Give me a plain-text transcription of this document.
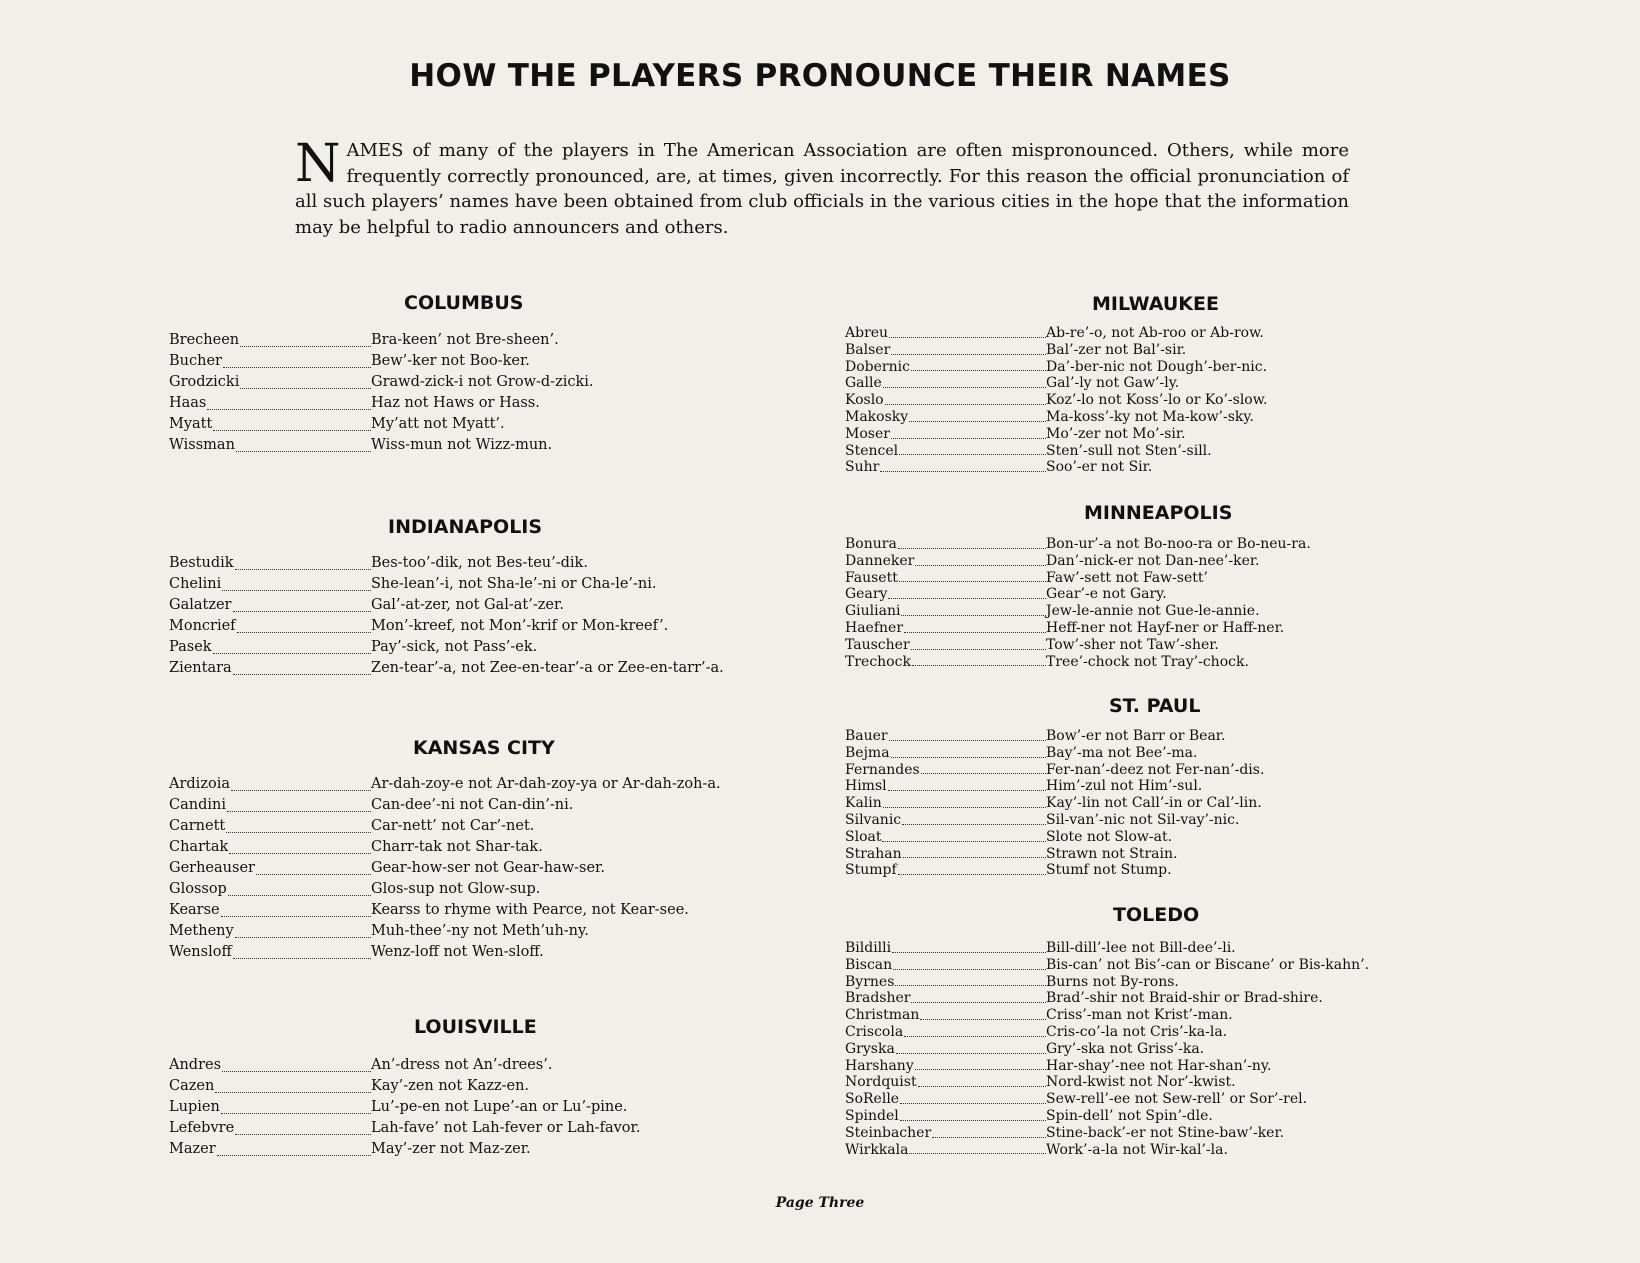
HOW THE PLAYERS PRONOUNCE THEIR NAMES
NAMES of many of the players in The American Association are often mispronounced. Others, while more frequently correctly pronounced, are, at times, given incorrectly. For this reason the official pronunciation of all such players’ names have been obtained from club officials in the various cities in the hope that the information may be helpful to radio announcers and others.
COLUMBUS
Brecheen	Bra-keen’ not Bre-sheen’.
Bucher	Bew’-ker not Boo-ker.
Grodzicki	Grawd-zick-i not Grow-d-zicki.
Haas	Haz not Haws or Hass.
Myatt	My’att not Myatt’.
Wissman	Wiss-mun not Wizz-mun.
INDIANAPOLIS
Bestudik	Bes-too’-dik, not Bes-teu’-dik.
Chelini	She-lean’-i, not Sha-le’-ni or Cha-le’-ni.
Galatzer	Gal’-at-zer, not Gal-at’-zer.
Moncrief	Mon’-kreef, not Mon’-krif or Mon-kreef’.
Pasek	Pay’-sick, not Pass’-ek.
Zientara	Zen-tear’-a, not Zee-en-tear’-a or Zee-en-tarr’-a.
KANSAS CITY
Ardizoia	Ar-dah-zoy-e not Ar-dah-zoy-ya or Ar-dah-zoh-a.
Candini	Can-dee’-ni not Can-din’-ni.
Carnett	Car-nett’ not Car’-net.
Chartak	Charr-tak not Shar-tak.
Gerheauser	Gear-how-ser not Gear-haw-ser.
Glossop	Glos-sup not Glow-sup.
Kearse	Kearss to rhyme with Pearce, not Kear-see.
Metheny	Muh-thee’-ny not Meth’uh-ny.
Wensloff	Wenz-loff not Wen-sloff.
LOUISVILLE
Andres	An’-dress not An’-drees’.
Cazen	Kay’-zen not Kazz-en.
Lupien	Lu’-pe-en not Lupe’-an or Lu’-pine.
Lefebvre	Lah-fave’ not Lah-fever or Lah-favor.
Mazer	May’-zer not Maz-zer.
MILWAUKEE
Abreu	Ab-re’-o, not Ab-roo or Ab-row.
Balser	Bal’-zer not Bal’-sir.
Dobernic	Da’-ber-nic not Dough’-ber-nic.
Galle	Gal’-ly not Gaw’-ly.
Koslo	Koz’-lo not Koss’-lo or Ko’-slow.
Makosky	Ma-koss’-ky not Ma-kow’-sky.
Moser	Mo’-zer not Mo’-sir.
Stencel	Sten’-sull not Sten’-sill.
Suhr	Soo’-er not Sir.
MINNEAPOLIS
Bonura	Bon-ur’-a not Bo-noo-ra or Bo-neu-ra.
Danneker	Dan’-nick-er not Dan-nee’-ker.
Fausett	Faw’-sett not Faw-sett’
Geary	Gear’-e not Gary.
Giuliani	Jew-le-annie not Gue-le-annie.
Haefner	Heff-ner not Hayf-ner or Haff-ner.
Tauscher	Tow’-sher not Taw’-sher.
Trechock	Tree’-chock not Tray’-chock.
ST. PAUL
Bauer	Bow’-er not Barr or Bear.
Bejma	Bay’-ma not Bee’-ma.
Fernandes	Fer-nan’-deez not Fer-nan’-dis.
Himsl	Him’-zul not Him’-sul.
Kalin	Kay’-lin not Call’-in or Cal’-lin.
Silvanic	Sil-van’-nic not Sil-vay’-nic.
Sloat	Slote not Slow-at.
Strahan	Strawn not Strain.
Stumpf	Stumf not Stump.
TOLEDO
Bildilli	Bill-dill’-lee not Bill-dee’-li.
Biscan	Bis-can’ not Bis’-can or Biscane’ or Bis-kahn’.
Byrnes	Burns not By-rons.
Bradsher	Brad’-shir not Braid-shir or Brad-shire.
Christman	Criss’-man not Krist’-man.
Criscola	Cris-co’-la not Cris’-ka-la.
Gryska	Gry’-ska not Griss’-ka.
Harshany	Har-shay’-nee not Har-shan’-ny.
Nordquist	Nord-kwist not Nor’-kwist.
SoRelle	Sew-rell’-ee not Sew-rell’ or Sor’-rel.
Spindel	Spin-dell’ not Spin’-dle.
Steinbacher	Stine-back’-er not Stine-baw’-ker.
Wirkkala	Work’-a-la not Wir-kal’-la.
Page Three
